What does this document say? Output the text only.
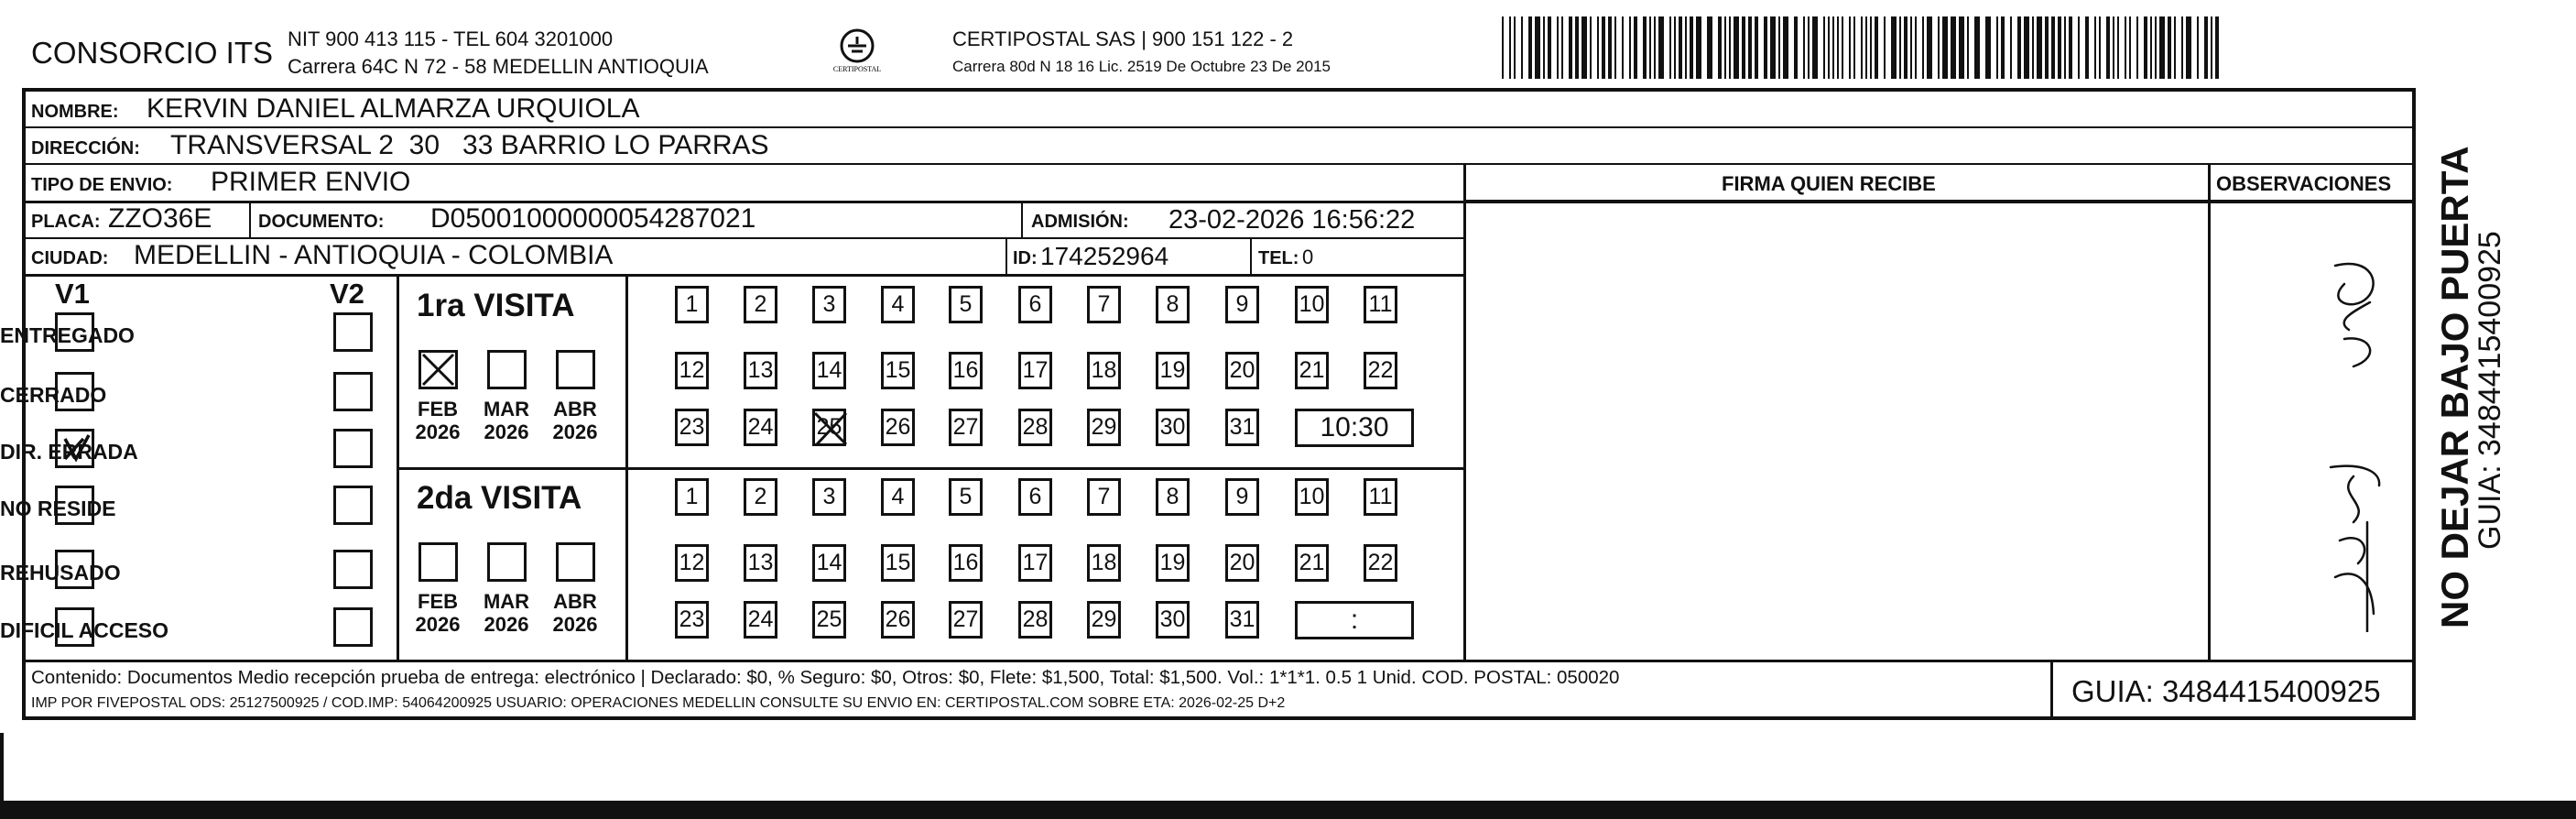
CONSORCIO ITS NIT 900 413 115 - TEL 604 3201000
Carrera 64C N 72 - 58 MEDELLIN ANTIOQUIA	CERTIPOSTAL
CERTIPOSTAL SAS | 900 151 122 - 2
Carrera 80d N 18 16 Lic. 2519 De Octubre 23 De 2015
NOMBRE: KERVIN DANIEL ALMARZA URQUIOLA
DIRECCIÓN: TRANSVERSAL 2  30   33 BARRIO LO PARRAS
TIPO DE ENVIO: PRIMER ENVIO	FIRMA QUIEN RECIBE	OBSERVACIONES
PLACA: ZZO36E	DOCUMENTO: D05001000000054287021	ADMISIÓN: 23-02-2026 16:56:22
CIUDAD: MEDELLIN - ANTIOQUIA - COLOMBIA	ID: 174252964	TEL: 0
V1	V2
ENTREGADO
CERRADO
DIR. ERRADA
NO RESIDE
REHUSADO
DIFICIL ACCESO
1ra VISITA
FEB
2026
MAR
2026
ABR
2026
1	2	3	4	5	6	7	8	9	10 11
12 13 14 15 16 17 18 19 20 21 22
23 24 25 26 27 28 29 30 31	10:30
2da VISITA
FEB
2026
MAR
2026
ABR
2026
1	2	3	4	5	6	7	8	9	10 11
12 13 14 15 16 17 18 19 20 21 22
23 24 25 26 27 28 29 30 31	:
Contenido: Documentos Medio recepción prueba de entrega: electrónico | Declarado: $0, % Seguro: $0, Otros: $0, Flete: $1,500, Total: $1,500. Vol.: 1*1*1. 0.5 1 Unid. COD. POSTAL: 050020
IMP POR FIVEPOSTAL ODS: 25127500925 / COD.IMP: 54064200925 USUARIO: OPERACIONES MEDELLIN CONSULTE SU ENVIO EN: CERTIPOSTAL.COM SOBRE ETA: 2026-02-25 D+2	GUIA: 3484415400925
NO DEJAR BAJO PUERTA
GUIA: 3484415400925
